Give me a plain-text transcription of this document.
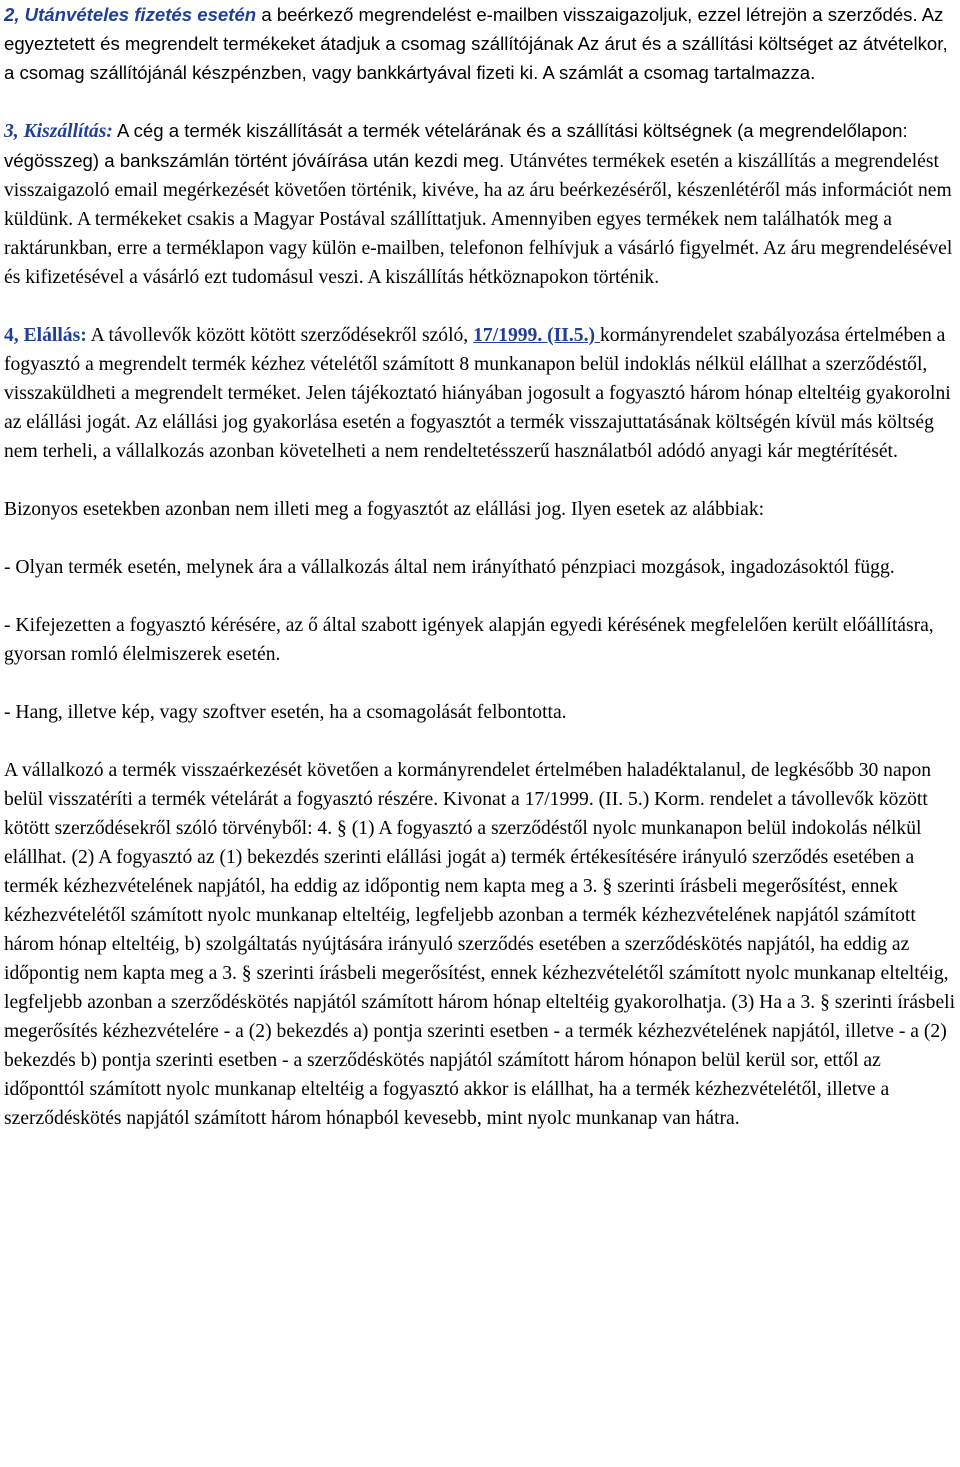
2, Utánvételes fizetés esetén a beérkező megrendelést e-mailben visszaigazoljuk, ezzel létrejön a szerződés. Az egyeztetett és megrendelt termékeket átadjuk a csomag szállítójának Az árut és a szállítási költséget az átvételkor, a csomag szállítójánál készpénzben, vagy bankkártyával fizeti ki. A számlát a csomag tartalmazza.

3, Kiszállítás: A cég a termék kiszállítását a termék vételárának és a szállítási költségnek (a megrendelőlapon: végösszeg) a bankszámlán történt jóváírása után kezdi meg. Utánvétes termékek esetén a kiszállítás a megrendelést visszaigazoló email megérkezését követően történik, kivéve, ha az áru beérkezéséről, készenlétéről más információt nem küldünk. A termékeket csakis a Magyar Postával szállíttatjuk. Amennyiben egyes termékek nem találhatók meg a raktárunkban, erre a terméklapon vagy külön e-mailben, telefonon felhívjuk a vásárló figyelmét. Az áru megrendelésével és kifizetésével a vásárló ezt tudomásul veszi. A kiszállítás hétköznapokon történik.

4, Elállás: A távollevők között kötött szerződésekről szóló, 17/1999. (II.5.) kormányrendelet szabályozása értelmében a fogyasztó a megrendelt termék kézhez vételétől számított 8 munkanapon belül indoklás nélkül elállhat a szerződéstől, visszaküldheti a megrendelt terméket. Jelen tájékoztató hiányában jogosult a fogyasztó három hónap elteltéig gyakorolni az elállási jogát. Az elállási jog gyakorlása esetén a fogyasztót a termék visszajuttatásának költségén kívül más költség nem terheli, a vállalkozás azonban követelheti a nem rendeltetésszerű használatból adódó anyagi kár megtérítését.

Bizonyos esetekben azonban nem illeti meg a fogyasztót az elállási jog. Ilyen esetek az alábbiak:

- Olyan termék esetén, melynek ára a vállalkozás által nem irányítható pénzpiaci mozgások, ingadozásoktól függ.

- Kifejezetten a fogyasztó kérésére, az ő által szabott igények alapján egyedi kérésének megfelelően került előállításra, gyorsan romló élelmiszerek esetén.

- Hang, illetve kép, vagy szoftver esetén, ha a csomagolását felbontotta.

A vállalkozó a termék visszaérkezését követően a kormányrendelet értelmében haladéktalanul, de legkésőbb 30 napon belül visszatéríti a termék vételárát a fogyasztó részére. Kivonat a 17/1999. (II. 5.) Korm. rendelet a távollevők között kötött szerződésekről szóló törvényből: 4. § (1) A fogyasztó a szerződéstől nyolc munkanapon belül indokolás nélkül elállhat. (2) A fogyasztó az (1) bekezdés szerinti elállási jogát a) termék értékesítésére irányuló szerződés esetében a termék kézhezvételének napjától, ha eddig az időpontig nem kapta meg a 3. § szerinti írásbeli megerősítést, ennek kézhezvételétől számított nyolc munkanap elteltéig, legfeljebb azonban a termék kézhezvételének napjától számított három hónap elteltéig, b) szolgáltatás nyújtására irányuló szerződés esetében a szerződéskötés napjától, ha eddig az időpontig nem kapta meg a 3. § szerinti írásbeli megerősítést, ennek kézhezvételétől számított nyolc munkanap elteltéig, legfeljebb azonban a szerződéskötés napjától számított három hónap elteltéig gyakorolhatja. (3) Ha a 3. § szerinti írásbeli megerősítés kézhezvételére - a (2) bekezdés a) pontja szerinti esetben - a termék kézhezvételének napjától, illetve - a (2) bekezdés b) pontja szerinti esetben - a szerződéskötés napjától számított három hónapon belül kerül sor, ettől az időponttól számított nyolc munkanap elteltéig a fogyasztó akkor is elállhat, ha a termék kézhezvételétől, illetve a szerződéskötés napjától számított három hónapból kevesebb, mint nyolc munkanap van hátra.
